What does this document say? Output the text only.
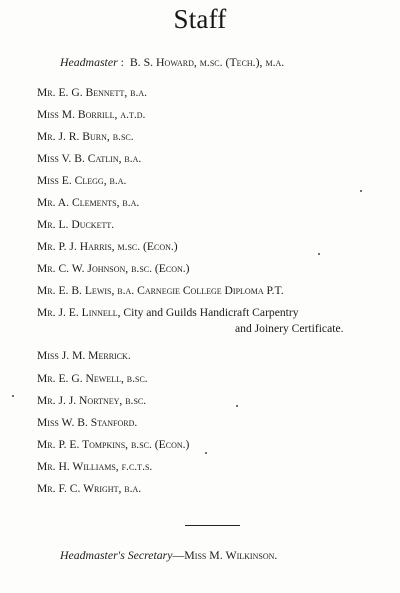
Staff
Headmaster :  B. S. Howard, m.sc. (Tech.), m.a.
Mr. E. G. Bennett, b.a.
Miss M. Borrill, a.t.d.
Mr. J. R. Burn, b.sc.
Miss V. B. Catlin, b.a.
Miss E. Clegg, b.a.
Mr. A. Clements, b.a.
Mr. L. Duckett.
Mr. P. J. Harris, m.sc. (Econ.)
Mr. C. W. Johnson, b.sc. (Econ.)
Mr. E. B. Lewis, b.a. Carnegie College Diploma P.T.
Mr. J. E. Linnell, City and Guilds Handicraft Carpentry
and Joinery Certificate.
Miss J. M. Merrick.
Mr. E. G. Newell, b.sc.
Mr. J. J. Nortney, b.sc.
Miss W. B. Stanford.
Mr. P. E. Tompkins, b.sc. (Econ.)
Mr. H. Williams, f.c.t.s.
Mr. F. C. Wright, b.a.
Headmaster's Secretary—Miss M. Wilkinson.
